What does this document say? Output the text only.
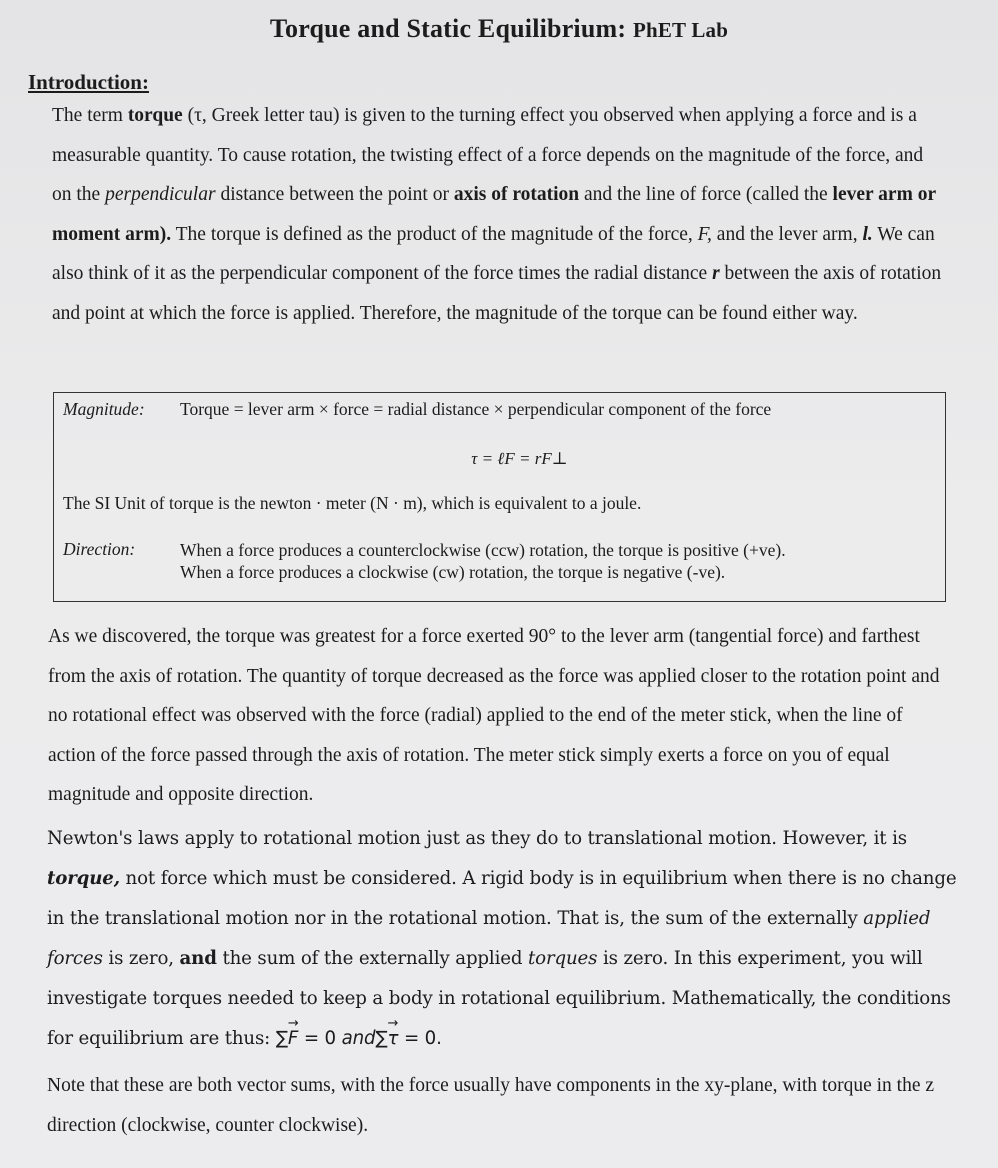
Torque and Static Equilibrium: PhET Lab
Introduction:

The term torque (τ, Greek letter tau) is given to the turning effect you observed when applying a force and is a measurable quantity. To cause rotation, the twisting effect of a force depends on the magnitude of the force, and on the perpendicular distance between the point or axis of rotation and the line of force (called the lever arm or moment arm). The torque is defined as the product of the magnitude of the force, F, and the lever arm, l. We can also think of it as the perpendicular component of the force times the radial distance r between the axis of rotation and point at which the force is applied. Therefore, the magnitude of the torque can be found either way.

Magnitude: Torque = lever arm × force = radial distance × perpendicular component of the force
τ = ℓF = rF⊥
The SI Unit of torque is the newton · meter (N · m), which is equivalent to a joule.
Direction:	When a force produces a counterclockwise (ccw) rotation, the torque is positive (+ve).
When a force produces a clockwise (cw) rotation, the torque is negative (-ve).

As we discovered, the torque was greatest for a force exerted 90° to the lever arm (tangential force) and farthest from the axis of rotation. The quantity of torque decreased as the force was applied closer to the rotation point and no rotational effect was observed with the force (radial) applied to the end of the meter stick, when the line of action of the force passed through the axis of rotation. The meter stick simply exerts a force on you of equal magnitude and opposite direction.

Newton's laws apply to rotational motion just as they do to translational motion. However, it is torque, not force which must be considered. A rigid body is in equilibrium when there is no change in the translational motion nor in the rotational motion. That is, the sum of the externally applied forces is zero, and the sum of the externally applied torques is zero. In this experiment, you will investigate torques needed to keep a body in rotational equilibrium. Mathematically, the conditions for equilibrium are thus: ∑→ F = 0 and∑→ τ = 0.

Note that these are both vector sums, with the force usually have components in the xy-plane, with torque in the z direction (clockwise, counter clockwise).
